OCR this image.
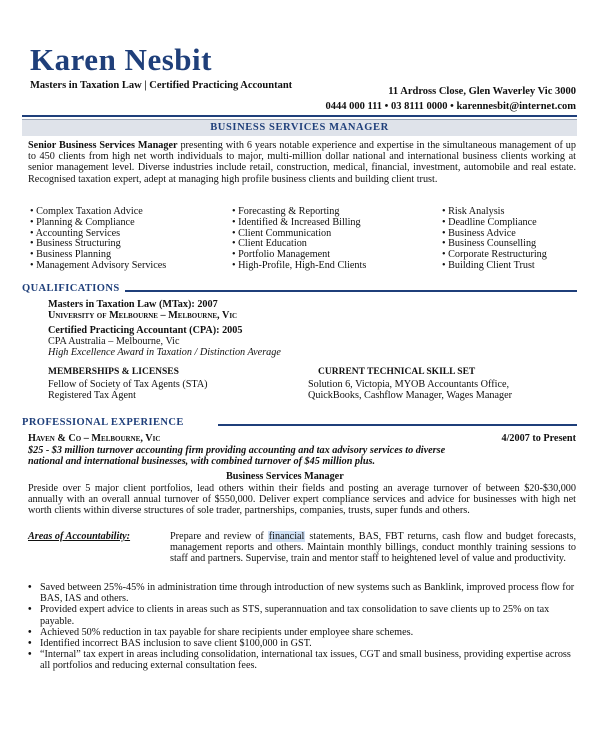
Karen Nesbit
Masters in Taxation Law | Certified Practicing Accountant
11 Ardross Close, Glen Waverley Vic 3000
0444 000 111 • 03 8111 0000 • karennesbit@internet.com
BUSINESS SERVICES MANAGER
Senior Business Services Manager presenting with 6 years notable experience and expertise in the simultaneous management of up to 450 clients from high net worth individuals to major, multi-million dollar national and international business clients working at senior management level. Diverse industries include retail, construction, medical, financial, investment, automobile and real estate. Recognised taxation expert, adept at managing high profile business clients and building client trust.
• Complex Taxation Advice
• Planning & Compliance
• Accounting Services
• Business Structuring
• Business Planning
• Management Advisory Services
• Forecasting & Reporting
• Identified & Increased Billing
• Client Communication
• Client Education
• Portfolio Management
• High-Profile, High-End Clients
• Risk Analysis
• Deadline Compliance
• Business Advice
• Business Counselling
• Corporate Restructuring
• Building Client Trust
QUALIFICATIONS
Masters in Taxation Law (MTax): 2007
University of Melbourne – Melbourne, Vic
Certified Practicing Accountant (CPA): 2005
CPA Australia – Melbourne, Vic
High Excellence Award in Taxation / Distinction Average
MEMBERSHIPS & LICENSES
Fellow of Society of Tax Agents (STA)
Registered Tax Agent
CURRENT TECHNICAL SKILL SET
Solution 6, Victopia, MYOB Accountants Office,
QuickBooks, Cashflow Manager, Wages Manager
PROFESSIONAL EXPERIENCE
Haven & Co – Melbourne, Vic	4/2007 to Present
$25 - $3 million turnover accounting firm providing accounting and tax advisory services to diverse
national and international businesses, with combined turnover of $45 million plus.
Business Services Manager
Preside over 5 major client portfolios, lead others within their fields and posting an average turnover of between $20-$30,000 annually with an overall annual turnover of $550,000. Deliver expert compliance services and advice for businesses with high net worth clients within diverse structures of sole trader, partnerships, companies, trusts, super funds and others.
Areas of Accountability:	Prepare and review of financial statements, BAS, FBT returns, cash flow and budget forecasts, management reports and others. Maintain monthly billings, conduct monthly training sessions to staff and partners. Supervise, train and mentor staff to heightened level of value and productivity.
• Saved between 25%-45% in administration time through introduction of new systems such as Banklink, improved process flow for BAS, IAS and others.
• Provided expert advice to clients in areas such as STS, superannuation and tax consolidation to save clients up to 25% on tax payable.
• Achieved 50% reduction in tax payable for share recipients under employee share schemes.
• Identified incorrect BAS inclusion to save client $100,000 in GST.
• “Internal” tax expert in areas including consolidation, international tax issues, CGT and small business, providing expertise across all portfolios and reducing external consultation fees.
